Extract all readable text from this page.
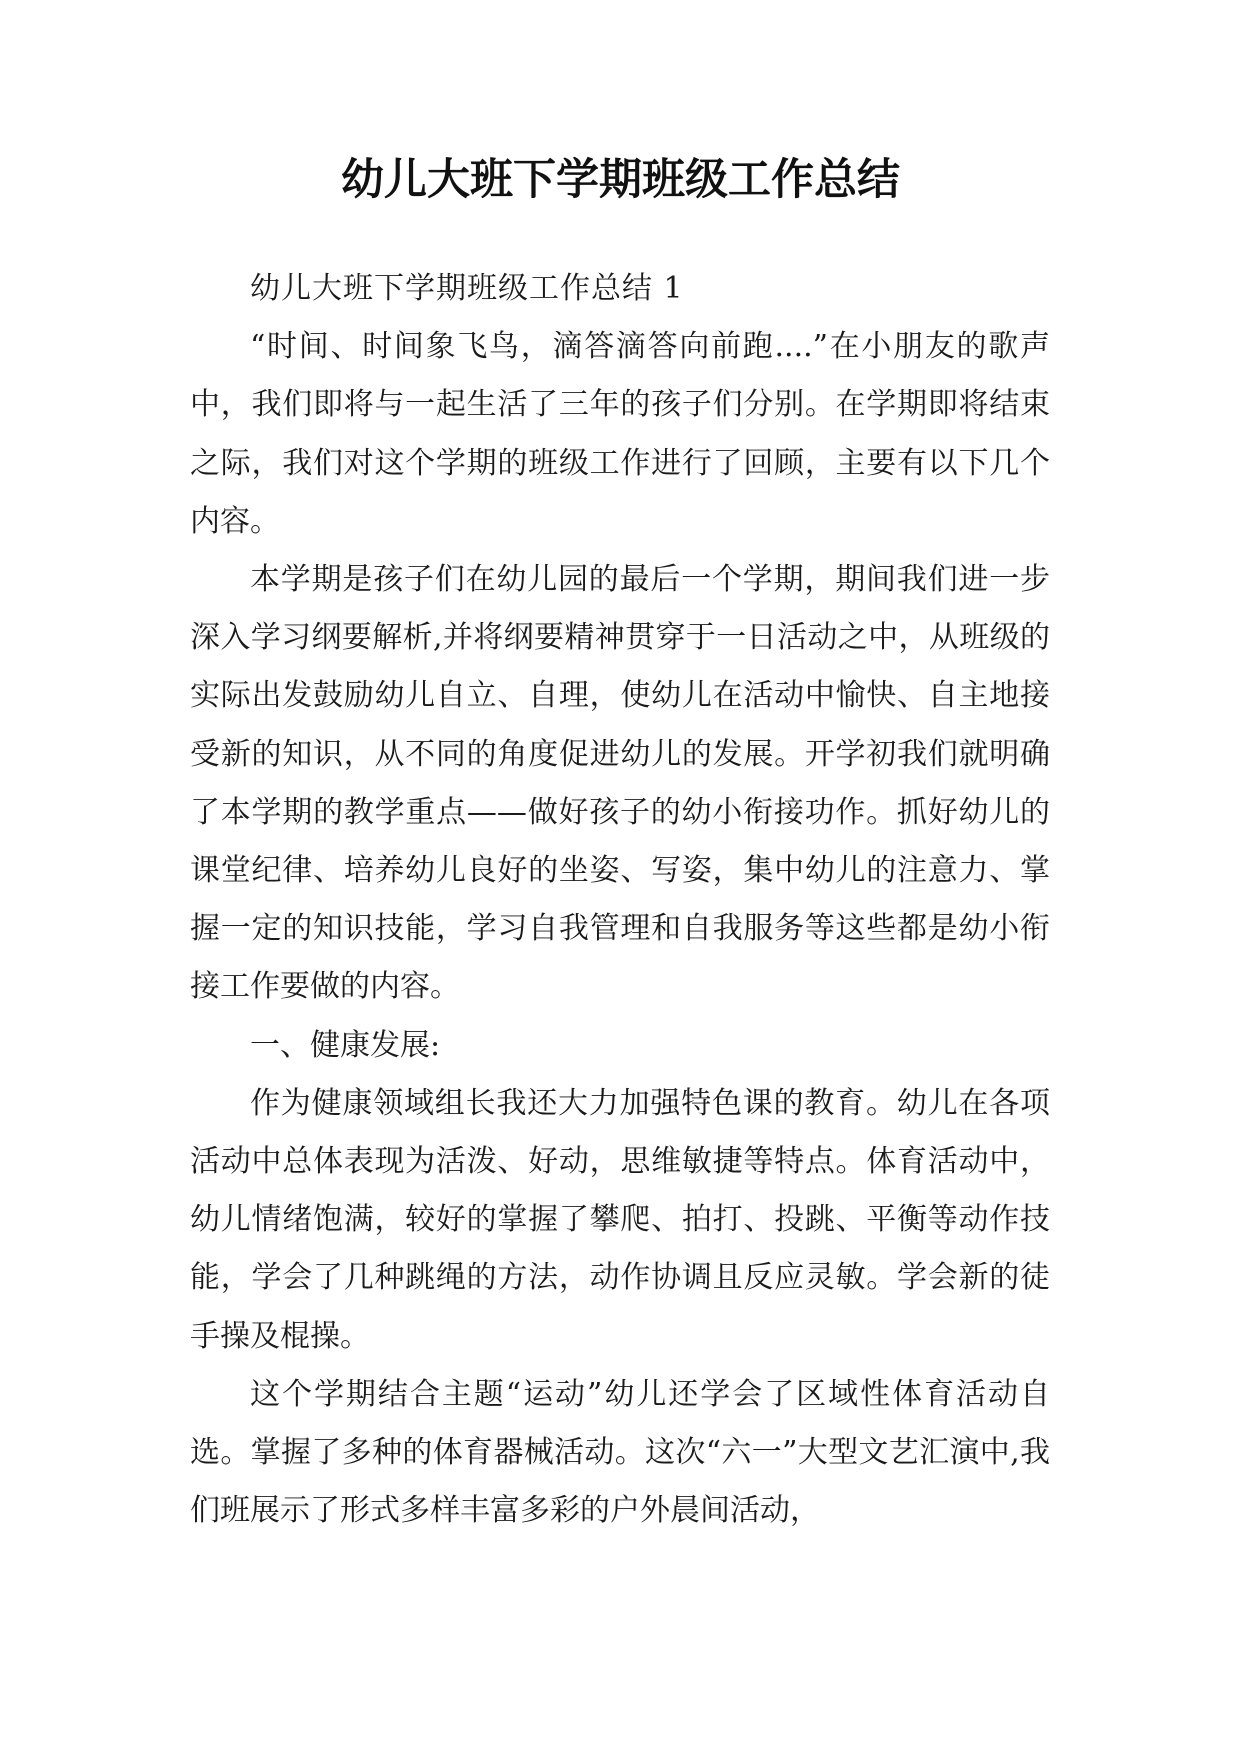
幼儿大班下学期班级工作总结

幼儿大班下学期班级工作总结 1

“时间、时间象飞鸟，滴答滴答向前跑....”在小朋友的歌声中，我们即将与一起生活了三年的孩子们分别。在学期即将结束之际，我们对这个学期的班级工作进行了回顾，主要有以下几个内容。

本学期是孩子们在幼儿园的最后一个学期，期间我们进一步深入学习纲要解析,并将纲要精神贯穿于一日活动之中，从班级的实际出发鼓励幼儿自立、自理，使幼儿在活动中愉快、自主地接受新的知识，从不同的角度促进幼儿的发展。开学初我们就明确了本学期的教学重点——做好孩子的幼小衔接功作。抓好幼儿的课堂纪律、培养幼儿良好的坐姿、写姿，集中幼儿的注意力、掌握一定的知识技能，学习自我管理和自我服务等这些都是幼小衔接工作要做的内容。

一、健康发展:

作为健康领域组长我还大力加强特色课的教育。幼儿在各项活动中总体表现为活泼、好动，思维敏捷等特点。体育活动中，幼儿情绪饱满，较好的掌握了攀爬、拍打、投跳、平衡等动作技能，学会了几种跳绳的方法，动作协调且反应灵敏。学会新的徒手操及棍操。

这个学期结合主题“运动”幼儿还学会了区域性体育活动自选。掌握了多种的体育器械活动。这次“六一”大型文艺汇演中,我们班展示了形式多样丰富多彩的户外晨间活动，
